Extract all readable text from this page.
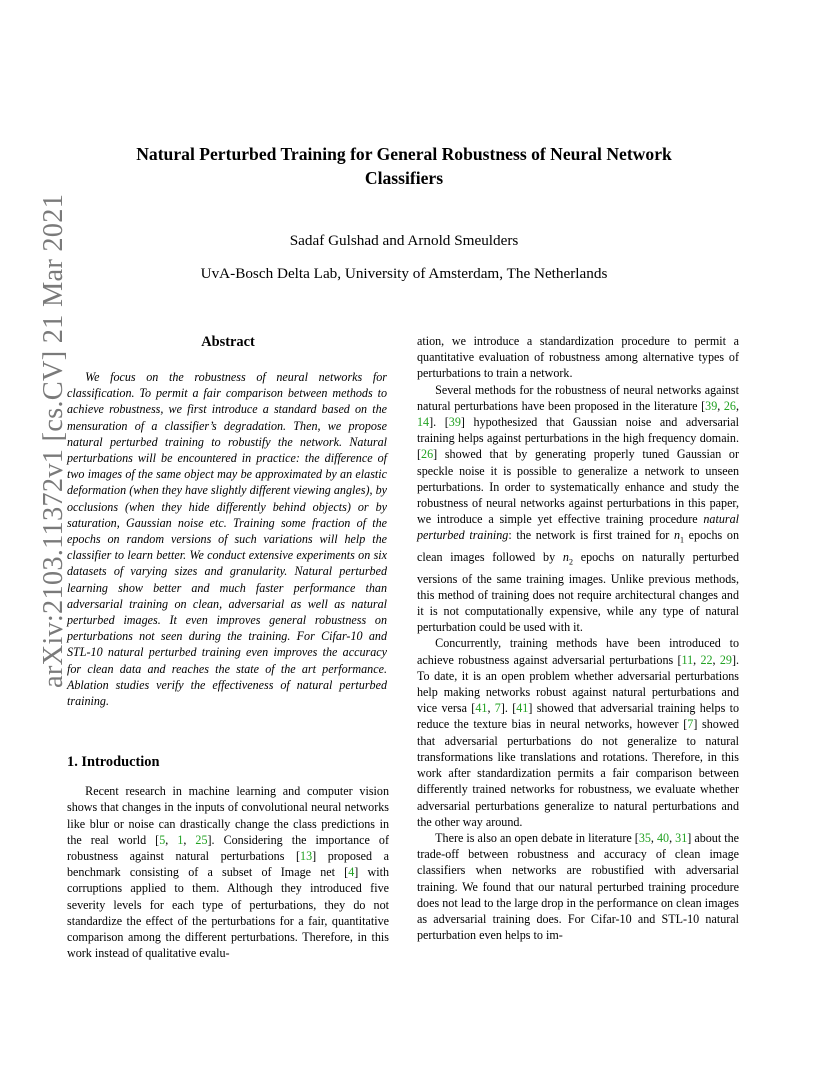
arXiv:2103.11372v1 [cs.CV] 21 Mar 2021
Natural Perturbed Training for General Robustness of Neural Network
Classifiers
Sadaf Gulshad and Arnold Smeulders
UvA-Bosch Delta Lab, University of Amsterdam, The Netherlands
Abstract

We focus on the robustness of neural networks for classification. To permit a fair comparison between methods to achieve robustness, we first introduce a standard based on the mensuration of a classifier’s degradation. Then, we propose natural perturbed training to robustify the network. Natural perturbations will be encountered in practice: the difference of two images of the same object may be approximated by an elastic deformation (when they have slightly different viewing angles), by occlusions (when they hide differently behind objects) or by saturation, Gaussian noise etc. Training some fraction of the epochs on random versions of such variations will help the classifier to learn better. We conduct extensive experiments on six datasets of varying sizes and granularity. Natural perturbed learning show better and much faster performance than adversarial training on clean, adversarial as well as natural perturbed images. It even improves general robustness on perturbations not seen during the training. For Cifar-10 and STL-10 natural perturbed training even improves the accuracy for clean data and reaches the state of the art performance. Ablation studies verify the effectiveness of natural perturbed training.

1. Introduction

Recent research in machine learning and computer vision shows that changes in the inputs of convolutional neural networks like blur or noise can drastically change the class predictions in the real world [5, 1, 25]. Considering the importance of robustness against natural perturbations [13] proposed a benchmark consisting of a subset of Image net [4] with corruptions applied to them. Although they introduced five severity levels for each type of perturbations, they do not standardize the effect of the perturbations for a fair, quantitative comparison among the different perturbations. Therefore, in this work instead of qualitative evalu-

ation, we introduce a standardization procedure to permit a quantitative evaluation of robustness among alternative types of perturbations to train a network.

Several methods for the robustness of neural networks against natural perturbations have been proposed in the literature [39, 26, 14]. [39] hypothesized that Gaussian noise and adversarial training helps against perturbations in the high frequency domain. [26] showed that by generating properly tuned Gaussian or speckle noise it is possible to generalize a network to unseen perturbations. In order to systematically enhance and study the robustness of neural networks against perturbations in this paper, we introduce a simple yet effective training procedure natural perturbed training: the network is first trained for $n_1$ epochs on clean images followed by $n_2$ epochs on naturally perturbed versions of the same training images. Unlike previous methods, this method of training does not require architectural changes and it is not computationally expensive, while any type of natural perturbation could be used with it.

Concurrently, training methods have been introduced to achieve robustness against adversarial perturbations [11, 22, 29]. To date, it is an open problem whether adversarial perturbations help making networks robust against natural perturbations and vice versa [41, 7]. [41] showed that adversarial training helps to reduce the texture bias in neural networks, however [7] showed that adversarial perturbations do not generalize to natural transformations like translations and rotations. Therefore, in this work after standardization permits a fair comparison between differently trained networks for robustness, we evaluate whether adversarial perturbations generalize to natural perturbations and the other way around.

There is also an open debate in literature [35, 40, 31] about the trade-off between robustness and accuracy of clean image classifiers when networks are robustified with adversarial training. We found that our natural perturbed training procedure does not lead to the large drop in the performance on clean images as adversarial training does. For Cifar-10 and STL-10 natural perturbation even helps to im-
